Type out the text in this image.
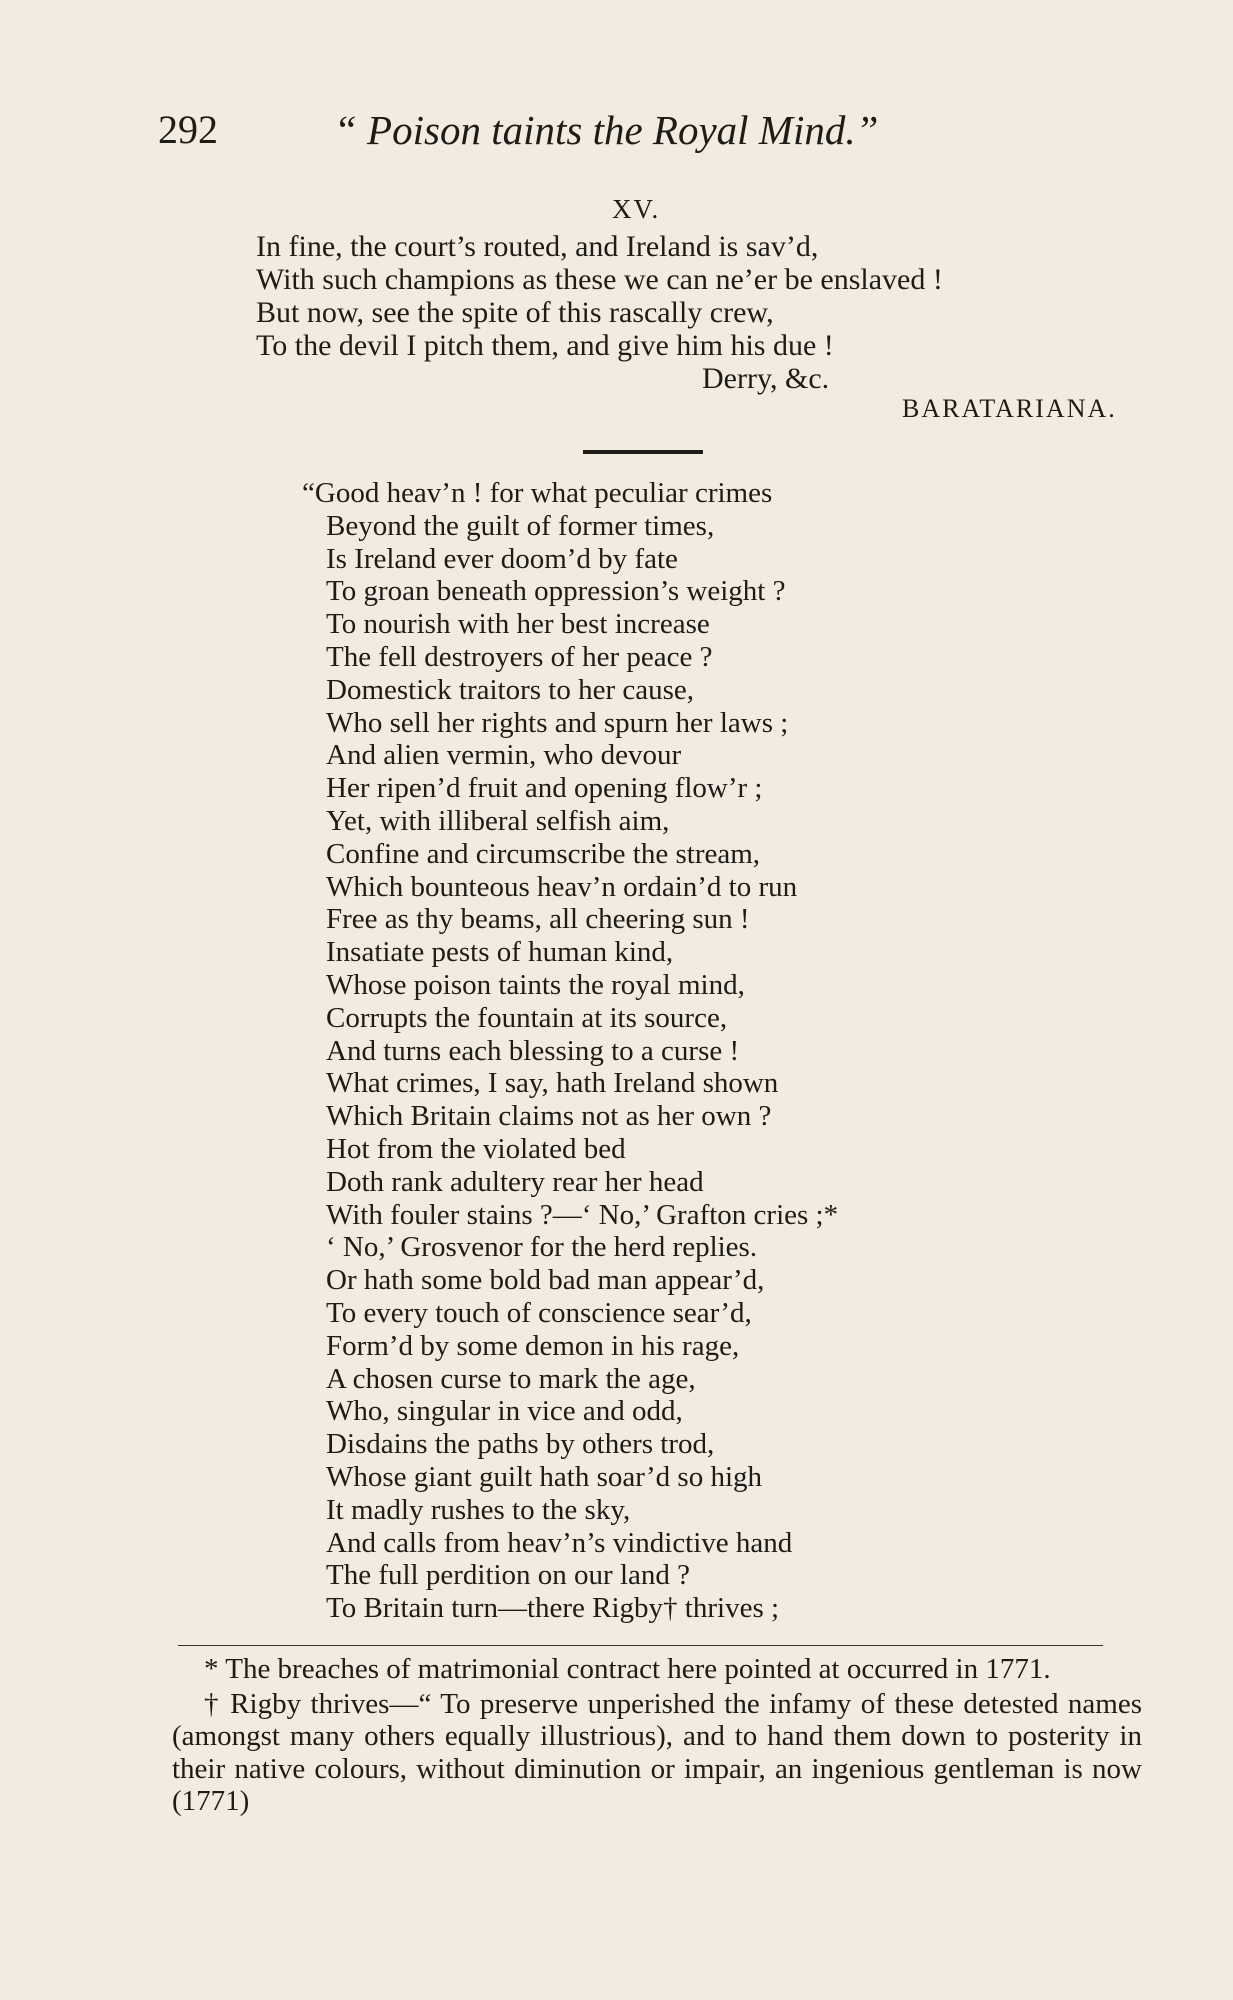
292	“ Poison taints the Royal Mind.”
XV.
In fine, the court’s routed, and Ireland is sav’d,
With such champions as these we can ne’er be enslaved !
But now, see the spite of this rascally crew,
To the devil I pitch them, and give him his due !
Derry, &c.
BARATARIANA.
“Good heav’n ! for what peculiar crimes
Beyond the guilt of former times,
Is Ireland ever doom’d by fate
To groan beneath oppression’s weight ?
To nourish with her best increase
The fell destroyers of her peace ?
Domestick traitors to her cause,
Who sell her rights and spurn her laws ;
And alien vermin, who devour
Her ripen’d fruit and opening flow’r ;
Yet, with illiberal selfish aim,
Confine and circumscribe the stream,
Which bounteous heav’n ordain’d to run
Free as thy beams, all cheering sun !
Insatiate pests of human kind,
Whose poison taints the royal mind,
Corrupts the fountain at its source,
And turns each blessing to a curse !
What crimes, I say, hath Ireland shown
Which Britain claims not as her own ?
Hot from the violated bed
Doth rank adultery rear her head
With fouler stains ?—‘ No,’ Grafton cries ;*
‘ No,’ Grosvenor for the herd replies.
Or hath some bold bad man appear’d,
To every touch of conscience sear’d,
Form’d by some demon in his rage,
A chosen curse to mark the age,
Who, singular in vice and odd,
Disdains the paths by others trod,
Whose giant guilt hath soar’d so high
It madly rushes to the sky,
And calls from heav’n’s vindictive hand
The full perdition on our land ?
To Britain turn—there Rigby† thrives ;
* The breaches of matrimonial contract here pointed at occurred in 1771.
† Rigby thrives—“ To preserve unperished the infamy of these detested names (amongst many others equally illustrious), and to hand them down to posterity in their native colours, without diminution or impair, an ingenious gentleman is now (1771)
